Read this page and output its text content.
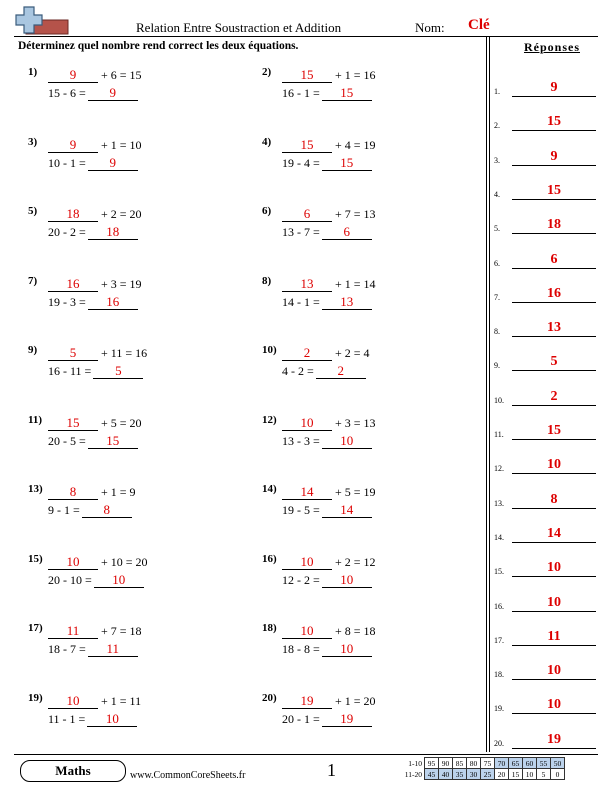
Relation Entre Soustraction et Addition	Nom: Clé
Déterminez quel nombre rend correct les deux équations.	Réponses
1)	9 + 6 = 15
15 - 6 = 9
2)	15 + 1 = 16
16 - 1 = 15
3)	9 + 1 = 10
10 - 1 = 9
4)	15 + 4 = 19
19 - 4 = 15
5)	18 + 2 = 20
20 - 2 = 18
6)	6 + 7 = 13
13 - 7 = 6
7)	16 + 3 = 19
19 - 3 = 16
8)	13 + 1 = 14
14 - 1 = 13
9)	5 + 11 = 16
16 - 11 = 5
10)	2 + 2 = 4
4 - 2 = 2
11)	15 + 5 = 20
20 - 5 = 15
12)	10 + 3 = 13
13 - 3 = 10
13)	8 + 1 = 9
9 - 1 = 8
14)	14 + 5 = 19
19 - 5 = 14
15)	10 + 10 = 20
20 - 10 = 10
16)	10 + 2 = 12
12 - 2 = 10
17)	11 + 7 = 18
18 - 7 = 11
18)	10 + 8 = 18
18 - 8 = 10
19)	10 + 1 = 11
11 - 1 = 10
20)	19 + 1 = 20
20 - 1 = 19
1.	9
2.	15
3.	9
4.	15
5.	18
6.	6
7.	16
8.	13
9.	5
10.	2
11.	15
12.	10
13.	8
14.	14
15.	10
16.	10
17.	11
18.	10
19.	10
20.	19
Maths	www.CommonCoreSheets.fr	1	1-10	95	90	85	80	75	70	65	60	55	50
11-20	45	40	35	30	25	20	15	10	5	0
